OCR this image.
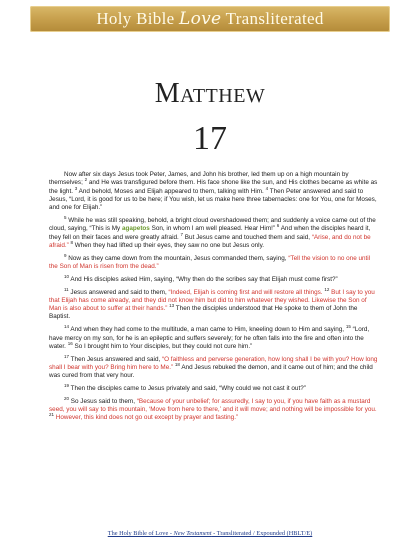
Holy Bible Love Transliterated
Matthew
17

Now after six days Jesus took Peter, James, and John his brother, led them up on a high mountain by themselves; $^2$ and He was transfigured before them. His face shone like the sun, and His clothes became as white as the light. $^3$ And behold, Moses and Elijah appeared to them, talking with Him. $^4$ Then Peter answered and said to Jesus, “Lord, it is good for us to be here; if You wish, let us make here three tabernacles: one for You, one for Moses, and one for Elijah.”

$^5$ While he was still speaking, behold, a bright cloud overshadowed them; and suddenly a voice came out of the cloud, saying, “This is My agapetos Son, in whom I am well pleased. Hear Him!” $^6$ And when the disciples heard it, they fell on their faces and were greatly afraid. $^7$ But Jesus came and touched them and said, “Arise, and do not be afraid.” $^8$ When they had lifted up their eyes, they saw no one but Jesus only.

$^9$ Now as they came down from the mountain, Jesus commanded them, saying, “Tell the vision to no one until the Son of Man is risen from the dead.”

$^{10}$ And His disciples asked Him, saying, “Why then do the scribes say that Elijah must come first?”

$^{11}$ Jesus answered and said to them, “Indeed, Elijah is coming first and will restore all things. $^{12}$ But I say to you that Elijah has come already, and they did not know him but did to him whatever they wished. Likewise the Son of Man is also about to suffer at their hands.” $^{13}$ Then the disciples understood that He spoke to them of John the Baptist.

$^{14}$ And when they had come to the multitude, a man came to Him, kneeling down to Him and saying, $^{15}$ “Lord, have mercy on my son, for he is an epileptic and suffers severely; for he often falls into the fire and often into the water. $^{16}$ So I brought him to Your disciples, but they could not cure him.”

$^{17}$ Then Jesus answered and said, “O faithless and perverse generation, how long shall I be with you? How long shall I bear with you? Bring him here to Me.” $^{18}$ And Jesus rebuked the demon, and it came out of him; and the child was cured from that very hour.

$^{19}$ Then the disciples came to Jesus privately and said, “Why could we not cast it out?”

$^{20}$ So Jesus said to them, “Because of your unbelief; for assuredly, I say to you, if you have faith as a mustard seed, you will say to this mountain, ‘Move from here to there,’ and it will move; and nothing will be impossible for you. $^{21}$ However, this kind does not go out except by prayer and fasting.”

The Holy Bible of Love - New Testament - Transliterated / Expounded (HBLT/E)
